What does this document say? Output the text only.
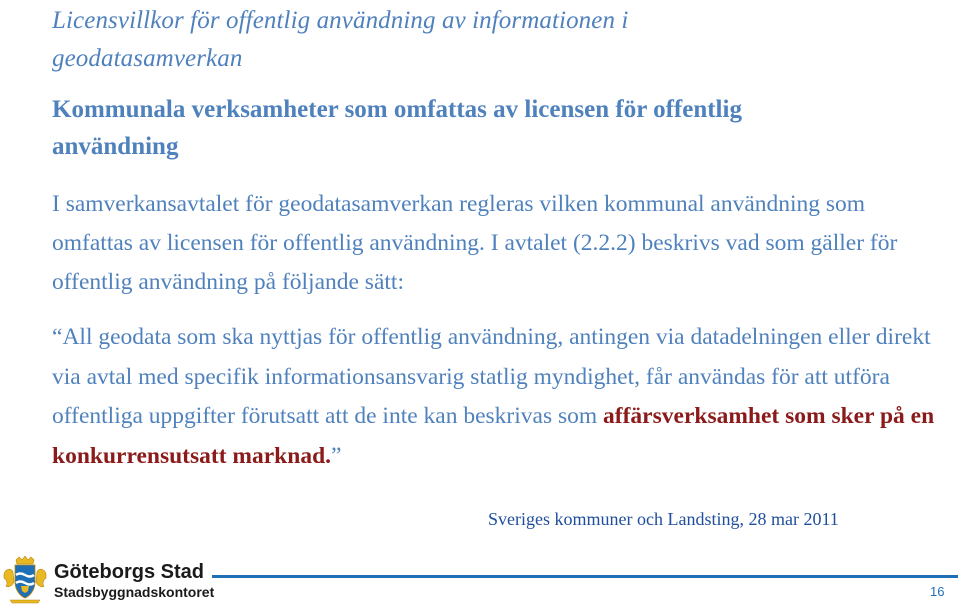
Licensvillkor för offentlig användning av informationen i geodatasamverkan
Kommunala verksamheter som omfattas av licensen för offentlig användning
I samverkansavtalet för geodatasamverkan regleras vilken kommunal användning som omfattas av licensen för offentlig användning. I avtalet (2.2.2) beskrivs vad som gäller för offentlig användning på följande sätt:
“All geodata som ska nyttjas för offentlig användning, antingen via datadelningen eller direkt via avtal med specifik informationsansvarig statlig myndighet, får användas för att utföra offentliga uppgifter förutsatt att de inte kan beskrivas som affärsverksamhet som sker på en konkurrensutsatt marknad.”
Sveriges kommuner och Landsting, 28 mar 2011
Göteborgs Stad
Stadsbyggnadskontoret	16
